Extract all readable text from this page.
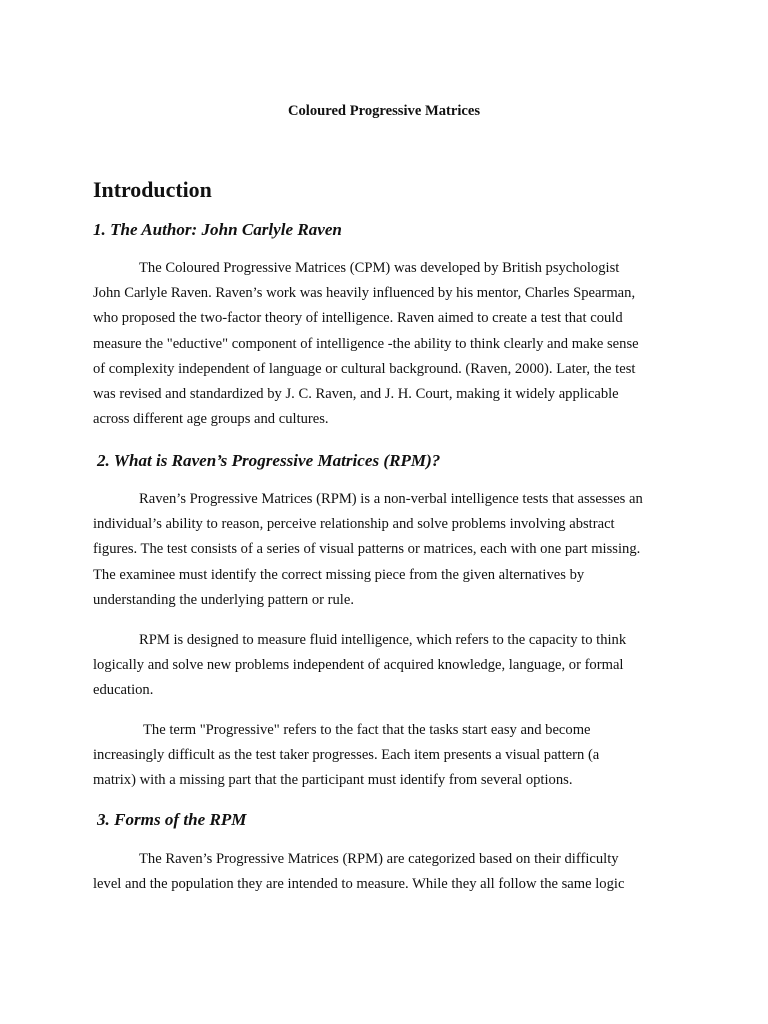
Coloured Progressive Matrices
Introduction
1. The Author: John Carlyle Raven

The Coloured Progressive Matrices (CPM) was developed by British psychologist
John Carlyle Raven. Raven’s work was heavily influenced by his mentor, Charles Spearman,
who proposed the two-factor theory of intelligence. Raven aimed to create a test that could
measure the "eductive" component of intelligence -the ability to think clearly and make sense
of complexity independent of language or cultural background. (Raven, 2000). Later, the test
was revised and standardized by J. C. Raven, and J. H. Court, making it widely applicable
across different age groups and cultures.

2. What is Raven’s Progressive Matrices (RPM)?

Raven’s Progressive Matrices (RPM) is a non-verbal intelligence tests that assesses an
individual’s ability to reason, perceive relationship and solve problems involving abstract
figures. The test consists of a series of visual patterns or matrices, each with one part missing.
The examinee must identify the correct missing piece from the given alternatives by
understanding the underlying pattern or rule.

RPM is designed to measure fluid intelligence, which refers to the capacity to think
logically and solve new problems independent of acquired knowledge, language, or formal
education.

The term "Progressive" refers to the fact that the tasks start easy and become
increasingly difficult as the test taker progresses. Each item presents a visual pattern (a
matrix) with a missing part that the participant must identify from several options.

3. Forms of the RPM

The Raven’s Progressive Matrices (RPM) are categorized based on their difficulty
level and the population they are intended to measure. While they all follow the same logic
